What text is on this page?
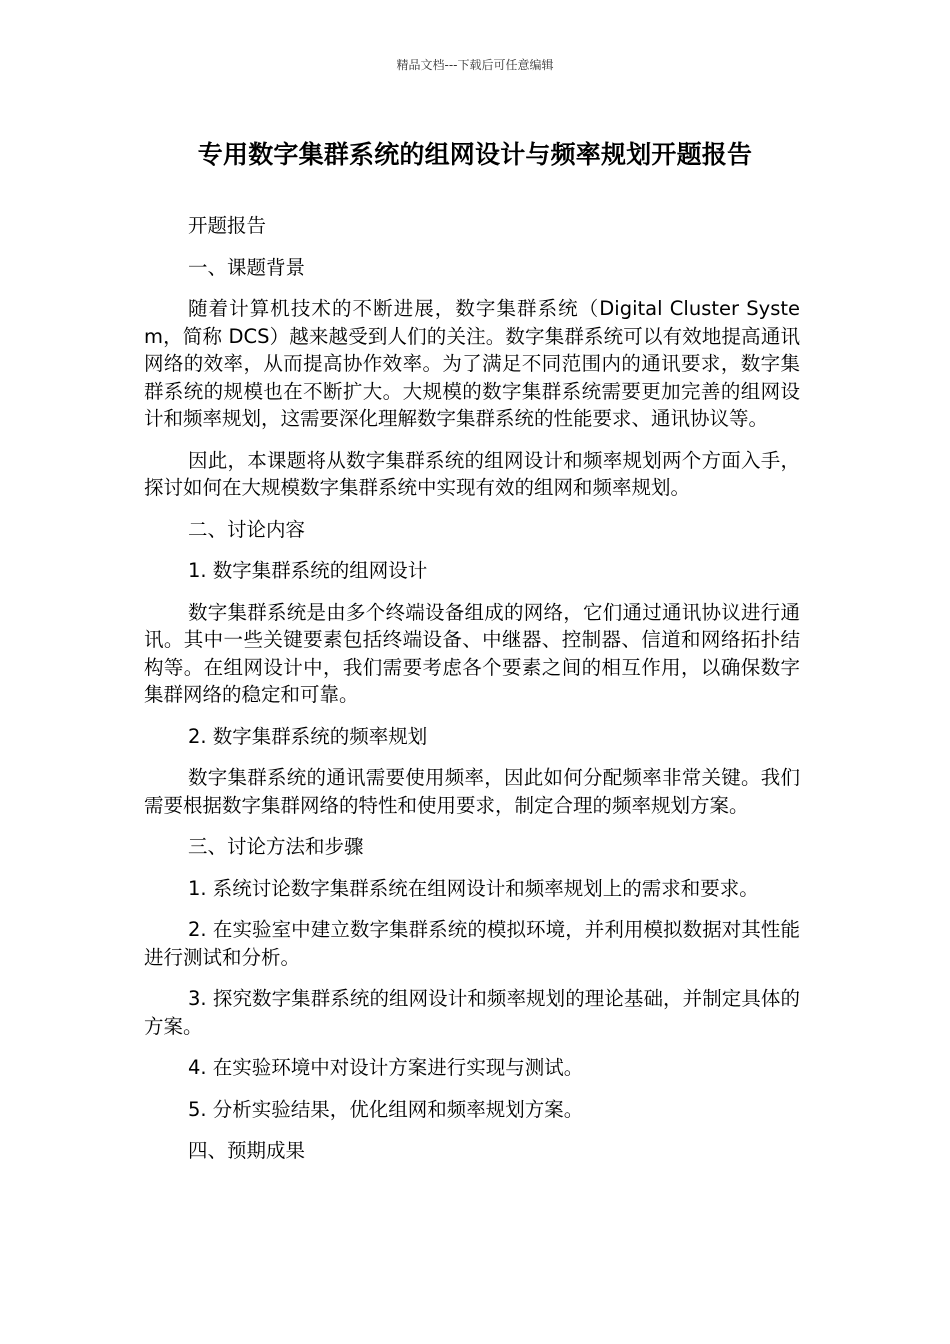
精品文档---下载后可任意编辑
专用数字集群系统的组网设计与频率规划开题报告

开题报告

一、课题背景

随着计算机技术的不断进展，数字集群系统（Digital Cluster System，简称 DCS）越来越受到人们的关注。数字集群系统可以有效地提高通讯网络的效率，从而提高协作效率。为了满足不同范围内的通讯要求，数字集群系统的规模也在不断扩大。大规模的数字集群系统需要更加完善的组网设计和频率规划，这需要深化理解数字集群系统的性能要求、通讯协议等。

因此，本课题将从数字集群系统的组网设计和频率规划两个方面入手，探讨如何在大规模数字集群系统中实现有效的组网和频率规划。

二、讨论内容

1. 数字集群系统的组网设计

数字集群系统是由多个终端设备组成的网络，它们通过通讯协议进行通讯。其中一些关键要素包括终端设备、中继器、控制器、信道和网络拓扑结构等。在组网设计中，我们需要考虑各个要素之间的相互作用，以确保数字集群网络的稳定和可靠。

2. 数字集群系统的频率规划

数字集群系统的通讯需要使用频率，因此如何分配频率非常关键。我们需要根据数字集群网络的特性和使用要求，制定合理的频率规划方案。

三、讨论方法和步骤

1. 系统讨论数字集群系统在组网设计和频率规划上的需求和要求。

2. 在实验室中建立数字集群系统的模拟环境，并利用模拟数据对其性能进行测试和分析。

3. 探究数字集群系统的组网设计和频率规划的理论基础，并制定具体的方案。

4. 在实验环境中对设计方案进行实现与测试。

5. 分析实验结果，优化组网和频率规划方案。

四、预期成果
